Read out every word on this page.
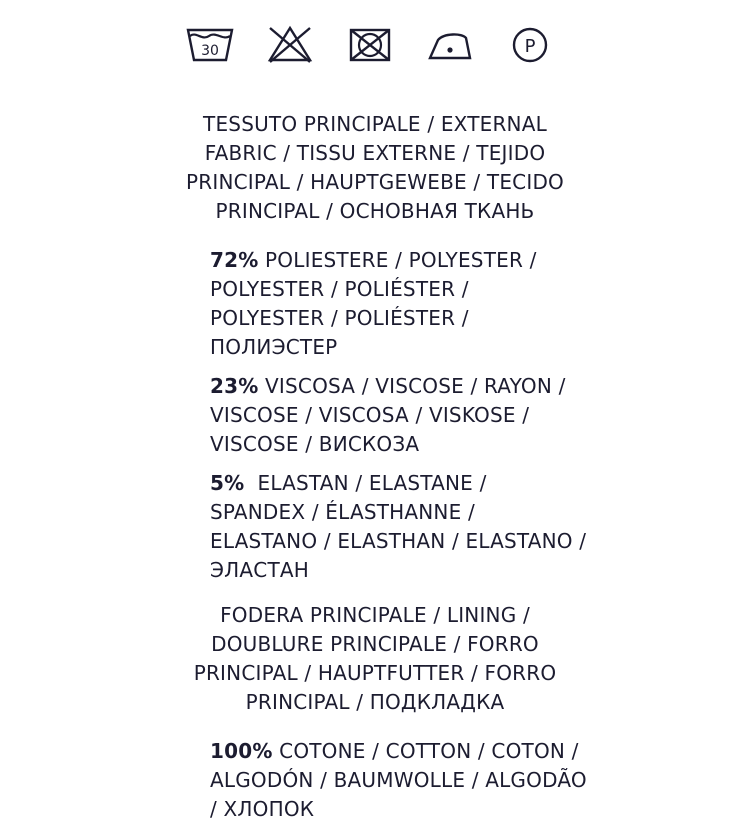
30	P
TESSUTO PRINCIPALE / EXTERNAL
FABRIC / TISSU EXTERNE / TEJIDO
PRINCIPAL / HAUPTGEWEBE / TECIDO
PRINCIPAL / ОСНОВНАЯ ТКАНЬ
72% POLIESTERE / POLYESTER /
POLYESTER / POLIÉSTER /
POLYESTER / POLIÉSTER /
ПОЛИЭСТЕР
23% VISCOSA / VISCOSE / RAYON /
VISCOSE / VISCOSA / VISKOSE /
VISCOSE / ВИСКОЗА
5% ELASTAN / ELASTANE /
SPANDEX / ÉLASTHANNE /
ELASTANO / ELASTHAN / ELASTANO /
ЭЛАСТАН
FODERA PRINCIPALE / LINING /
DOUBLURE PRINCIPALE / FORRO
PRINCIPAL / HAUPTFUTTER / FORRO
PRINCIPAL / ПОДКЛАДКА
100% COTONE / COTTON / COTON /
ALGODÓN / BAUMWOLLE / ALGODÃO
/ ХЛОПОК
